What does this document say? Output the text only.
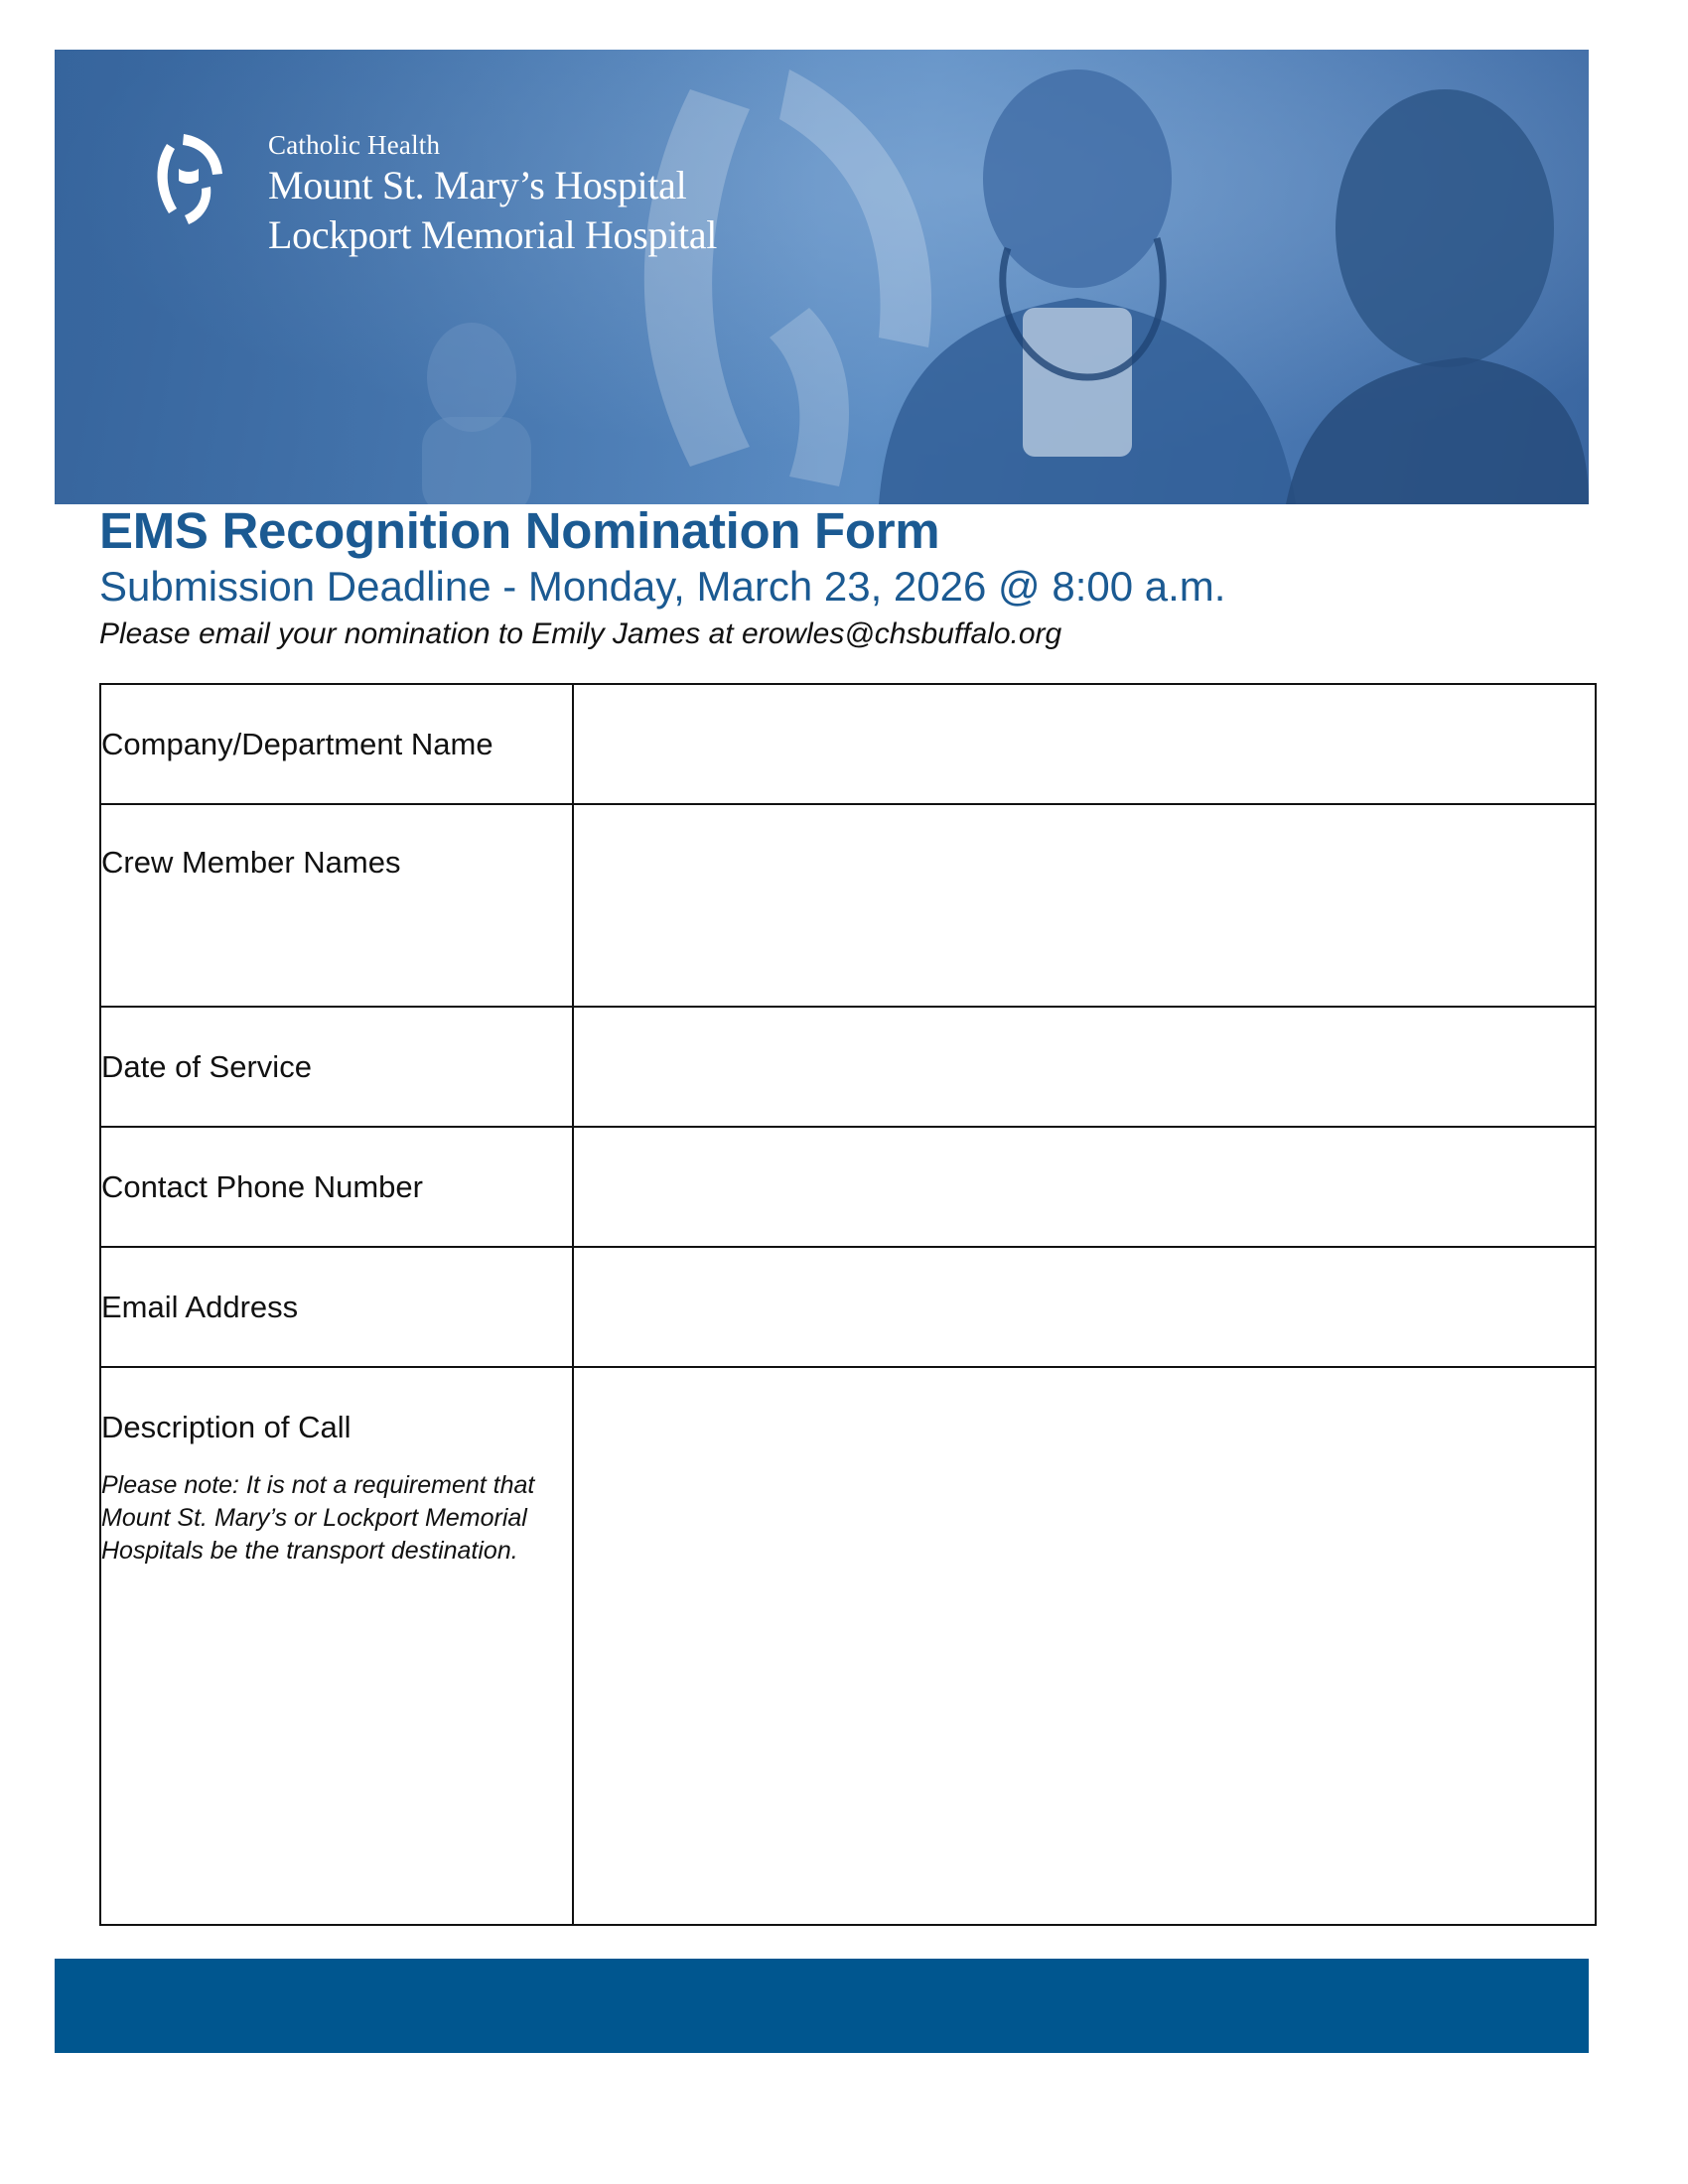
Catholic Health
Mount St. Mary’s Hospital
Lockport Memorial Hospital
EMS Recognition Nomination Form

Submission Deadline - Monday, March 23, 2026 @ 8:00 a.m.

Please email your nomination to Emily James at erowles@chsbuffalo.org

Company/Department Name	

Crew Member Names	

Date of Service	

Contact Phone Number	

Email Address	

Description of Call
Please note: It is not a requirement that Mount St. Mary’s or Lockport Memorial Hospitals be the transport destination.	
